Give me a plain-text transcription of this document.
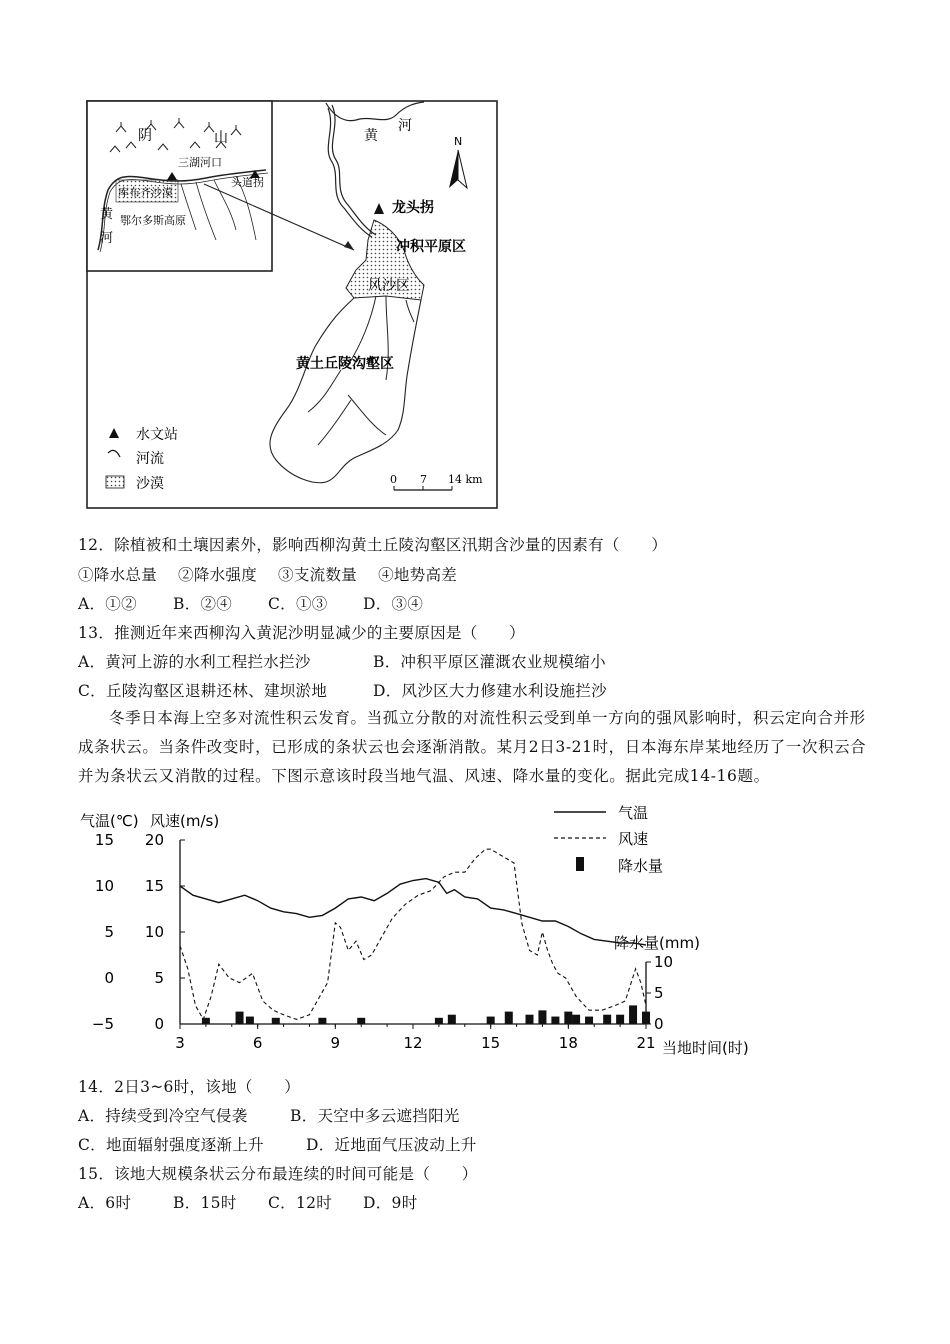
黄
河
N
龙头拐
冲积平原区
风沙区
黄土丘陵沟壑区
阴	山
三湖河口
库布齐沙漠
头道拐
鄂尔多斯高原
黄
河
水文站
河流
沙漠	0 7 14 km
12．除植被和土壤因素外，影响西柳沟黄土丘陵沟壑区汛期含沙量的因素有（　　）
①降水总量　 ②降水强度　 ③支流数量　 ④地势高差
A．①② B．②④ C．①③ D．③④
13．推测近年来西柳沟入黄泥沙明显减少的主要原因是（　　）
A．黄河上游的水利工程拦水拦沙	B．冲积平原区灌溉农业规模缩小
C．丘陵沟壑区退耕还林、建坝淤地	D．风沙区大力修建水利设施拦沙
冬季日本海上空多对流性积云发育。当孤立分散的对流性积云受到单一方向的强风影响时，积云定向合并形成条状云。当条件改变时，已形成的条状云也会逐渐消散。某月2日3-21时，日本海东岸某地经历了一次积云合并为条状云又消散的过程。下图示意该时段当地气温、风速、降水量的变化。据此完成14-16题。
气温(℃) 风速(m/s)
降水量(mm)
当地时间(时)
气温
风速
降水量
15 20
10 15
5 10
0	5
−5	0
10
5
0
3	6	9	12	15	18	21
14．2日3~6时，该地（　　）
A．持续受到冷空气侵袭	B．天空中多云遮挡阳光
C．地面辐射强度逐渐上升	D．近地面气压波动上升
15．该地大规模条状云分布最连续的时间可能是（　　）
A．6时	B．15时 C．12时 D．9时
